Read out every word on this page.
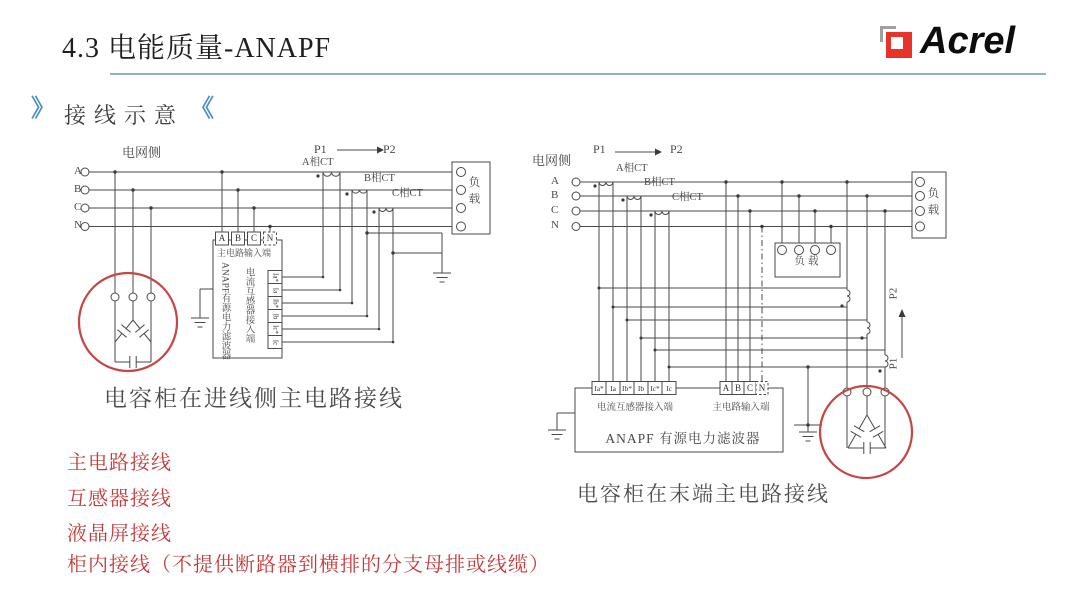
4.3 电能质量-ANAPF	Acrel
》 接线示意 《
电网侧	P1	P2
A相CT
B相CT
C相CT
A
B
C
N
A	B	C	N
主电路输入端
ANAPF有源电力滤波器 电流互感器接入端	Ia*
Ia
Ib*
Ib
Ic*
Ic
负载
电容柜在进线侧主电路接线
电网侧
P1	P2
A
B
C
N
A相CT
B相CT
C相CT
Ia* Ia Ib* Ib Ic* Ic	A B C N
电流互感器接入端	主电路输入端
ANAPF 有源电力滤波器
负载
负载
P2
P1
电容柜在末端主电路接线
主电路接线
互感器接线
液晶屏接线
柜内接线（不提供断路器到横排的分支母排或线缆）
